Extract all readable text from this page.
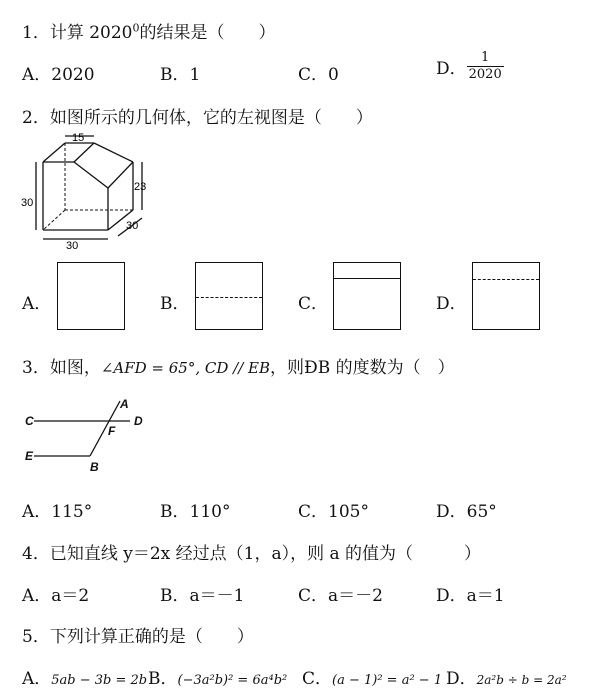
1．计算 2020$^0$的结果是（　　）
A．2020	B．1	C．0	D． $\frac{1}{2020}$
2．如图所示的几何体，它的左视图是（　　）
15
23
30
30
30
A．	B．	C．	D．
3．如图，∠AFD = 65°, CD // EB，则ÐB 的度数为（　）
C
A
D
F
E
B
A．115°	B．110°	C．105°	D．65°
4．已知直线 y＝2x 经过点（1，a），则 a 的值为（　　　）
A．a＝2	B．a＝－1	C．a＝－2	D．a＝1
5．下列计算正确的是（　　）
A．5ab − 3b = 2b B．(−3a²b)² = 6a⁴b² C．(a − 1)² = a² − 1 D．2a²b ÷ b = 2a²
